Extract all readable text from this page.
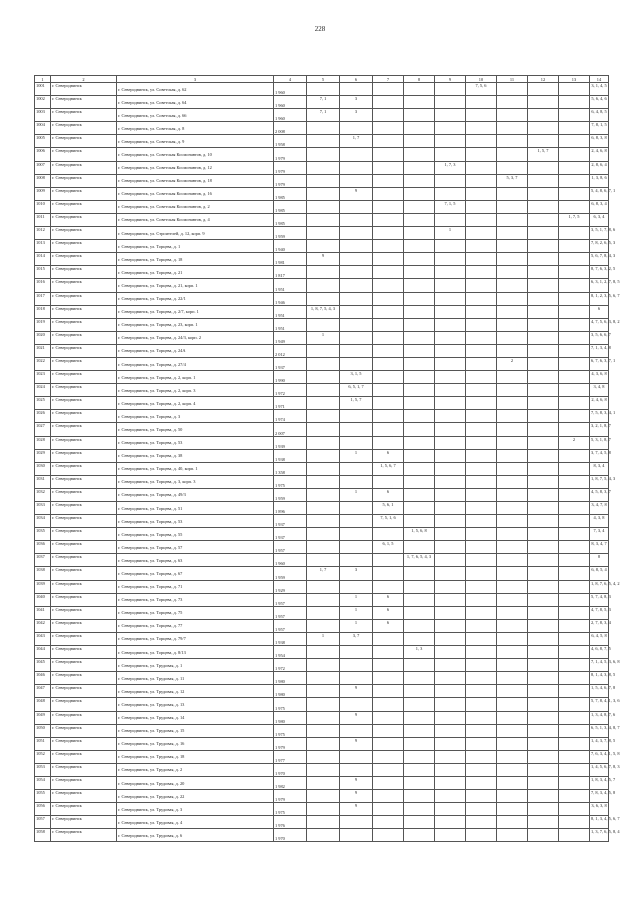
228
1	2	3	4	5	6	7	8	9	10	11	12	13	14
1001	г. Северодвинск	г. Северодвинск, ул. Советская, д. 62	1 960						7, 5, 6				3, 1, 4, 5
1002	г. Северодвинск	г. Северодвинск, ул. Советская, д. 64	1 960	7, 1	3								5, 6, 4, 6
1003	г. Северодвинск	г. Северодвинск, ул. Советская, д. 66	1 960	7, 1	3								6, 4, 8, 5
1004	г. Северодвинск	г. Северодвинск, ул. Советская, д. 8	2 008										7, 8, 1, 5
1005	г. Северодвинск	г. Северодвинск, ул. Советская, д. 9	1 958		1, 7								6, 8, 3, 8
1006	г. Северодвинск	г. Северодвинск, ул. Советская Космонавтов, д. 10	1 979								1, 5, 7		2, 4, 6, 8
1007	г. Северодвинск	г. Северодвинск, ул. Советская Космонавтов, д. 12	1 979					1, 7, 3					2, 8, 6, 4
1008	г. Северодвинск	г. Северодвинск, ул. Советская Космонавтов, д. 18	1 979							5, 3, 7			1, 3, 8, 6
1009	г. Северодвинск	г. Северодвинск, ул. Советская Космонавтов, д. 16	1 985		9								5, 4, 8, 6, 7, 1
1010	г. Северодвинск	г. Северодвинск, ул. Советская Космонавтов, д. 2	1 985					7, 1, 5					6, 8, 3, 4
1011	г. Северодвинск	г. Северодвинск, ул. Советская Космонавтов, д. 4	1 985									1, 7, 5	6, 3, 4
1012	г. Северодвинск	г. Северодвинск, ул. Строителей, д. 12, корп. 9	1 959					1					3, 5, 1, 7, 8, 6
1013	г. Северодвинск	г. Северодвинск, ул. Торцева, д. 1	1 940										7, 8, 2, 6, 5, 3
1014	г. Северодвинск	г. Северодвинск, ул. Торцева, д. 18	1 981	9									5, 6, 7, 8, 4, 3
1015	г. Северодвинск	г. Северодвинск, ул. Торцева, д. 21	1 817										8, 7, 6, 3, 2, 5
1016	г. Северодвинск	г. Северодвинск, ул. Торцева, д. 21, корп. 1	1 951										6, 3, 1, 2, 7, 8, 5
1017	г. Северодвинск	г. Северодвинск, ул. Торцева, д. 22/1	1 946										8, 1, 2, 3, 5, 6, 7
1018	г. Северодвинск	г. Северодвинск, ул. Торцева, д. 2/7, корп. 1	1 951	1, 8, 7, 5, 4, 3									6
1019	г. Северодвинск	г. Северодвинск, ул. Торцева, д. 23, корп. 1	1 951										4, 7, 5, 6, 3, 8, 2
1020	г. Северодвинск	г. Северодвинск, ул. Торцева, д. 24/3, корп. 2	1 949	1									3, 5, 6, 6, 7
1021	г. Северодвинск	г. Северодвинск, ул. Торцева, д. 24А	2 012										7, 1, 3, 4, 8
1022	г. Северодвинск	г. Северодвинск, ул. Торцева, д. 27/4	1 937							2			6, 7, 6, 3, 7, 1
1023	г. Северодвинск	г. Северодвинск, ул. Торцева, д. 2, корп. 1	1 990		3, 1, 5								4, 3, 6, 8
1024	г. Северодвинск	г. Северодвинск, ул. Торцева, д. 2, корп. 3	1 972		6, 5, 1, 7								3, 4, 8
1025	г. Северодвинск	г. Северодвинск, ул. Торцева, д. 2, корп. 4	1 971		1, 5, 7								2, 4, 6, 8
1026	г. Северодвинск	г. Северодвинск, ул. Торцева, д. 3	1 974										7, 5, 8, 3, 4, 1
1027	г. Северодвинск	г. Северодвинск, ул. Торцева, д. 50	2 007										3, 2, 1, 8, 7
1028	г. Северодвинск	г. Северодвинск, ул. Торцева, д. 53	1 939									2	5, 3, 1, 8, 7
1029	г. Северодвинск	г. Северодвинск, ул. Торцева, д. 38	1 938		1	6							3, 7, 4, 5, 8
1030	г. Северодвинск	г. Северодвинск, ул. Торцева, д. 40, корп. 1	1 358			1, 5, 6, 7							8, 3, 4
1031	г. Северодвинск	г. Северодвинск, ул. Торцева, д. 3, корп. 3	1 975										1, 8, 7, 5, 4, 3
1032	г. Северодвинск	г. Северодвинск, ул. Торцева, д. 49/3	1 959		1	6							4, 5, 8, 3, 7
1033	г. Северодвинск	г. Северодвинск, ул. Торцева, д. 51	1 896			5, 6, 1							3, 4, 7, 8
1034	г. Северодвинск	г. Северодвинск, ул. Торцева, д. 53	1 937			7, 5, 1, 6							4, 3, 8
1035	г. Северодвинск	г. Северодвинск, ул. Торцева, д. 55	1 937				1, 5, 6, 8						7, 3, 4
1036	г. Северодвинск	г. Северодвинск, ул. Торцева, д. 57	1 957			6, 1, 5							8, 3, 4, 7
1037	г. Северодвинск	г. Северодвинск, ул. Торцева, д. 63	1 960				1, 7, 6, 5, 4, 3						8
1038	г. Северодвинск	г. Северодвинск, ул. Торцева, д. 67	1 959	1, 7	3								6, 8, 5, 4
1039	г. Северодвинск	г. Северодвинск, ул. Торцева, д. 71	1 929										1, 8, 7, 6, 5, 4, 2
1040	г. Северодвинск	г. Северодвинск, ул. Торцева, д. 73	1 957		1	6							5, 7, 4, 8, 3
1041	г. Северодвинск	г. Северодвинск, ул. Торцева, д. 75	1 957		1	6							4, 7, 8, 5, 3
1042	г. Северодвинск	г. Северодвинск, ул. Торцева, д. 77	1 957		1	6							2, 7, 8, 3, 4
1043	г. Северодвинск	г. Северодвинск, ул. Торцева, д. 79/7	1 938	1	3, 7								6, 4, 5, 8
1044	г. Северодвинск	г. Северодвинск, ул. Торцева, д. 8/13	1 954				1, 3						4, 6, 8, 7, 5
1045	г. Северодвинск	г. Северодвинск, ул. Трудовая, д. 1	1 972										7, 1, 4, 5, 3, 6, 8
1046	г. Северодвинск	г. Северодвинск, ул. Трудовая, д. 11	1 980										8, 1, 4, 3, 8, 5
1047	г. Северодвинск	г. Северодвинск, ул. Трудовая, д. 12	1 980		9								1, 5, 4, 6, 7, 8
1048	г. Северодвинск	г. Северодвинск, ул. Трудовая, д. 13	1 975										5, 7, 8, 4, 1, 3, 6
1049	г. Северодвинск	г. Северодвинск, ул. Трудовая, д. 14	1 980		9								1, 3, 4, 8, 7, 6
1050	г. Северодвинск	г. Северодвинск, ул. Трудовая, д. 15	1 975										6, 5, 1, 3, 4, 8, 7
1051	г. Северодвинск	г. Северодвинск, ул. Трудовая, д. 16	1 979		9								1, 4, 3, 7, 8, 5
1052	г. Северодвинск	г. Северодвинск, ул. Трудовая, д. 18	1 977										7, 6, 3, 4, 1, 5, 8
1053	г. Северодвинск	г. Северодвинск, ул. Трудовая, д. 2	1 970										1, 4, 5, 6, 7, 8, 3
1054	г. Северодвинск	г. Северодвинск, ул. Трудовая, д. 20	1 982		9								1, 8, 3, 4, 5, 7
1055	г. Северодвинск	г. Северодвинск, ул. Трудовая, д. 22	1 979		9								7, 8, 3, 4, 5, 8
1056	г. Северодвинск	г. Северодвинск, ул. Трудовая, д. 3	1 975		9								3, 6, 3, 8
1057	г. Северодвинск	г. Северодвинск, ул. Трудовая, д. 4	1 976										8, 1, 3, 4, 5, 6, 7
1058	г. Северодвинск	г. Северодвинск, ул. Трудовая, д. 6	1 970										1, 3, 7, 6, 5, 8, 4
